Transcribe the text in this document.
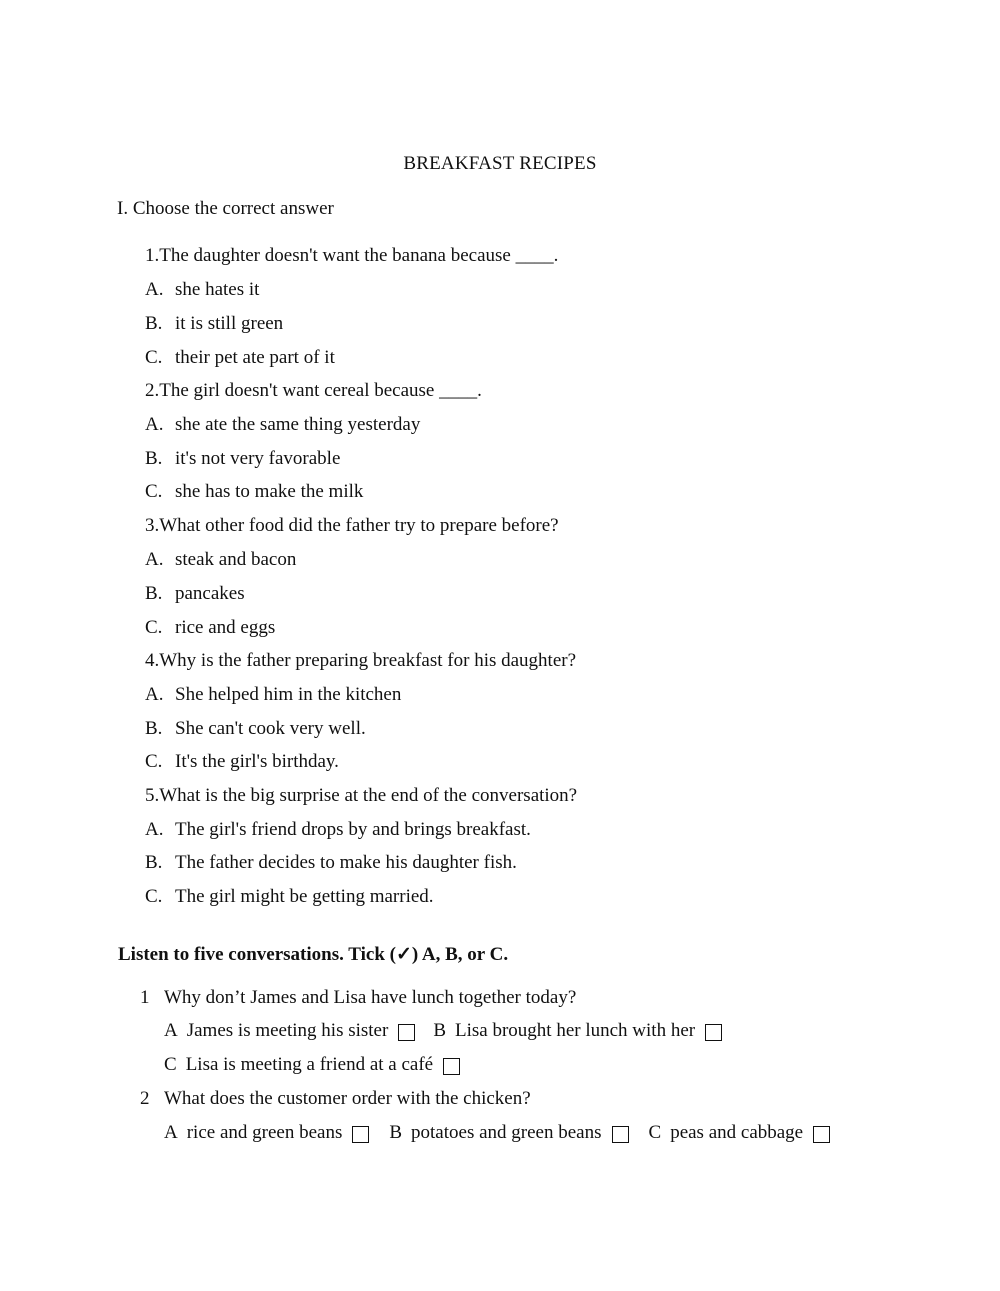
BREAKFAST RECIPES
I. Choose the correct answer
1.The daughter doesn't want the banana because ____.
A. she hates it
B. it is still green
C. their pet ate part of it
2.The girl doesn't want cereal because ____.
A. she ate the same thing yesterday
B. it's not very favorable
C. she has to make the milk
3.What other food did the father try to prepare before?
A. steak and bacon
B. pancakes
C. rice and eggs
4.Why is the father preparing breakfast for his daughter?
A. She helped him in the kitchen
B. She can't cook very well.
C. It's the girl's birthday.
5.What is the big surprise at the end of the conversation?
A. The girl's friend drops by and brings breakfast.
B. The father decides to make his daughter fish.
C. The girl might be getting married.
Listen to five conversations. Tick (✓) A, B, or C.
1 Why don’t James and Lisa have lunch together today?
A James is meeting his sister B Lisa brought her lunch with her
C Lisa is meeting a friend at a café
2 What does the customer order with the chicken?
A rice and green beans B potatoes and green beans C peas and cabbage
